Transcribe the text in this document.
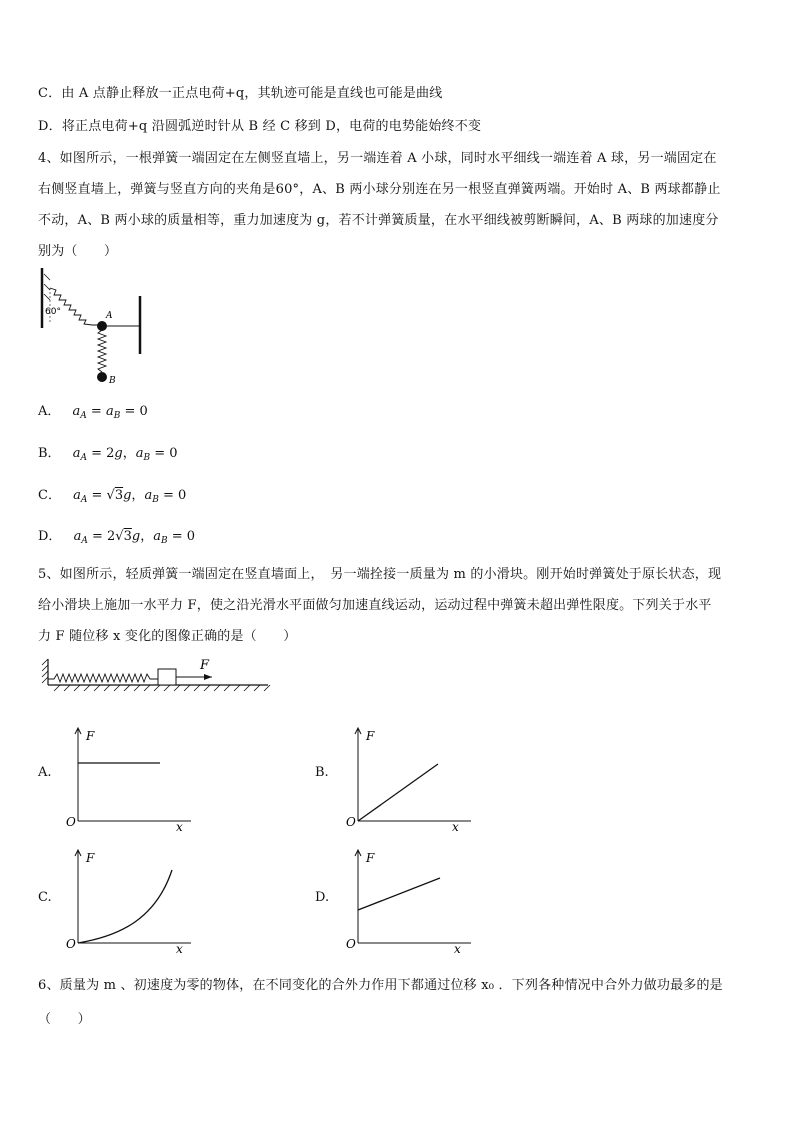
C．由 A 点静止释放一正点电荷+q，其轨迹可能是直线也可能是曲线
D．将正点电荷+q 沿圆弧逆时针从 B 经 C 移到 D，电荷的电势能始终不变
4、如图所示，一根弹簧一端固定在左侧竖直墙上，另一端连着 A 小球，同时水平细线一端连着 A 球，另一端固定在
右侧竖直墙上，弹簧与竖直方向的夹角是60°，A、B 两小球分别连在另一根竖直弹簧两端。开始时 A、B 两球都静止
不动，A、B 两小球的质量相等，重力加速度为 g，若不计弹簧质量，在水平细线被剪断瞬间，A、B 两球的加速度分
别为（　　）
60°	A
B
A． $a_A = a_B = 0$
B． $a_A = 2g$，$a_B = 0$
C． $a_A = √3g$，$a_B = 0$
D． $a_A = 2√3g$，$a_B = 0$
5、如图所示，轻质弹簧一端固定在竖直墙面上，　另一端拴接一质量为 m 的小滑块。刚开始时弹簧处于原长状态，现
给小滑块上施加一水平力 F，使之沿光滑水平面做匀加速直线运动，运动过程中弹簧未超出弹性限度。下列关于水平
力 F 随位移 x 变化的图像正确的是（　　）
F
A.
F
O	x
B.
F
O	x
C.
F
O	x
D.
F
O	x
6、质量为 m 、初速度为零的物体，在不同变化的合外力作用下都通过位移 x₀ ．下列各种情况中合外力做功最多的是
（　　）
